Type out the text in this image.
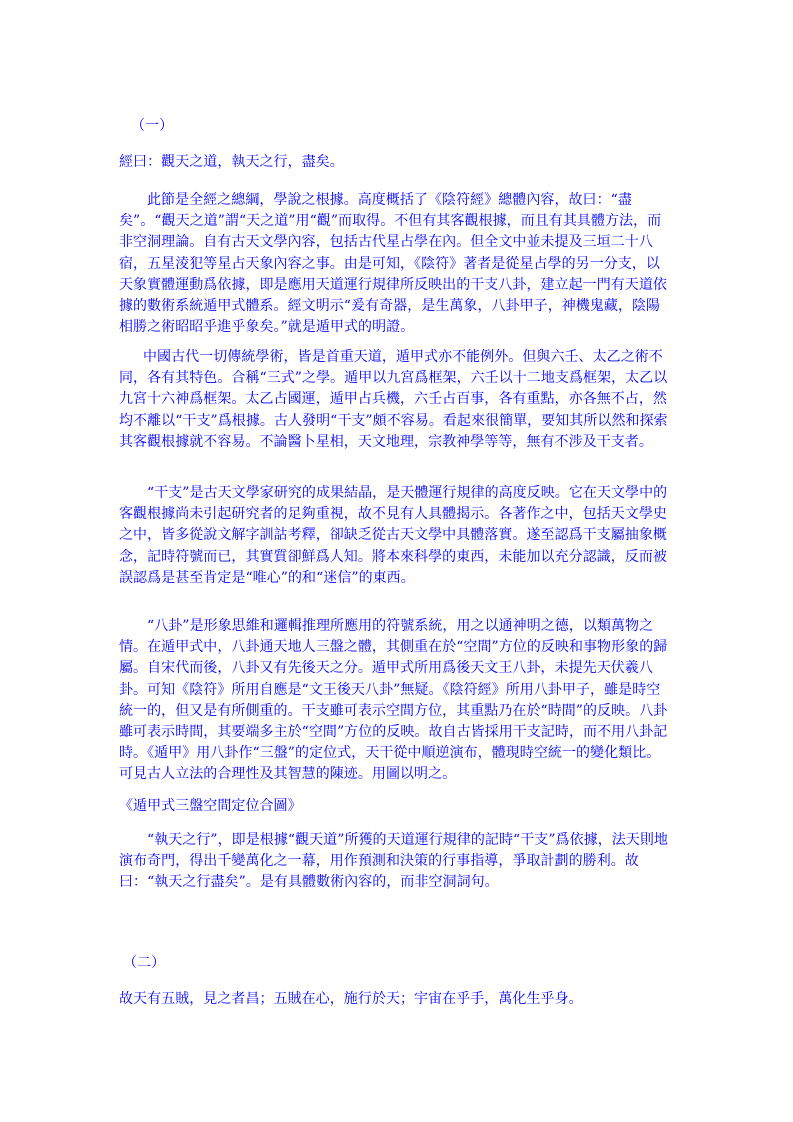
（一）
經曰：觀天之道，執天之行，盡矣。
此節是全經之總綱，學說之根據。高度概括了《陰符經》總體內容，故曰：“盡矣”。“觀天之道”謂“天之道”用“觀”而取得。不但有其客觀根據，而且有其具體方法，而非空洞理論。自有古天文學內容，包括古代星占學在內。但全文中並未提及三垣二十八宿，五星淩犯等星占天象內容之事。由是可知，《陰符》著者是從星占學的另一分支，以天象實體運動爲依據，即是應用天道運行規律所反映出的干支八卦，建立起一門有天道依據的數術系統遁甲式體系。經文明示“爰有奇器，是生萬象，八卦甲子，神機鬼藏，陰陽相勝之術昭昭乎進乎象矣。”就是遁甲式的明證。
中國古代一切傳統學術，皆是首重天道，遁甲式亦不能例外。但與六壬、太乙之術不同，各有其特色。合稱“三式”之學。遁甲以九宮爲框架，六壬以十二地支爲框架，太乙以九宮十六神爲框架。太乙占國運，遁甲占兵機，六壬占百事，各有重點，亦各無不占，然均不離以“干支”爲根據。古人發明“干支”頗不容易。看起來很簡單，要知其所以然和探索其客觀根據就不容易。不論醫卜星相，天文地理，宗教神學等等，無有不涉及干支者。
“干支”是古天文學家研究的成果結晶，是天體運行規律的高度反映。它在天文學中的客觀根據尚未引起研究者的足夠重視，故不見有人具體揭示。各著作之中，包括天文學史之中，皆多從說文解字訓詁考釋，卻缺乏從古天文學中具體落實。遂至認爲干支屬抽象概念，記時符號而已，其實質卻鮮爲人知。將本來科學的東西，未能加以充分認識，反而被誤認爲是甚至肯定是“唯心”的和“迷信”的東西。
“八卦”是形象思維和邏輯推理所應用的符號系統，用之以通神明之德，以類萬物之情。在遁甲式中，八卦通天地人三盤之體，其側重在於“空間”方位的反映和事物形象的歸屬。自宋代而後，八卦又有先後天之分。遁甲式所用爲後天文王八卦，未提先天伏羲八卦。可知《陰符》所用自應是“文王後天八卦”無疑。《陰符經》所用八卦甲子，雖是時空統一的，但又是有所側重的。干支雖可表示空間方位，其重點乃在於“時間”的反映。八卦雖可表示時間，其要端多主於“空間”方位的反映。故自古皆採用干支記時，而不用八卦記時。《遁甲》用八卦作“三盤”的定位式，天干從中順逆演布，體現時空統一的變化類比。可見古人立法的合理性及其智慧的陳迹。用圖以明之。
《遁甲式三盤空間定位合圖》
“執天之行”，即是根據“觀天道”所獲的天道運行規律的記時“干支”爲依據，法天則地演布奇門，得出千變萬化之一幕，用作預測和決策的行事指導，爭取計劃的勝利。故曰：“執天之行盡矣”。是有具體數術內容的，而非空洞詞句。
（二）
故天有五賊，見之者昌；五賊在心，施行於天；宇宙在乎手，萬化生乎身。
